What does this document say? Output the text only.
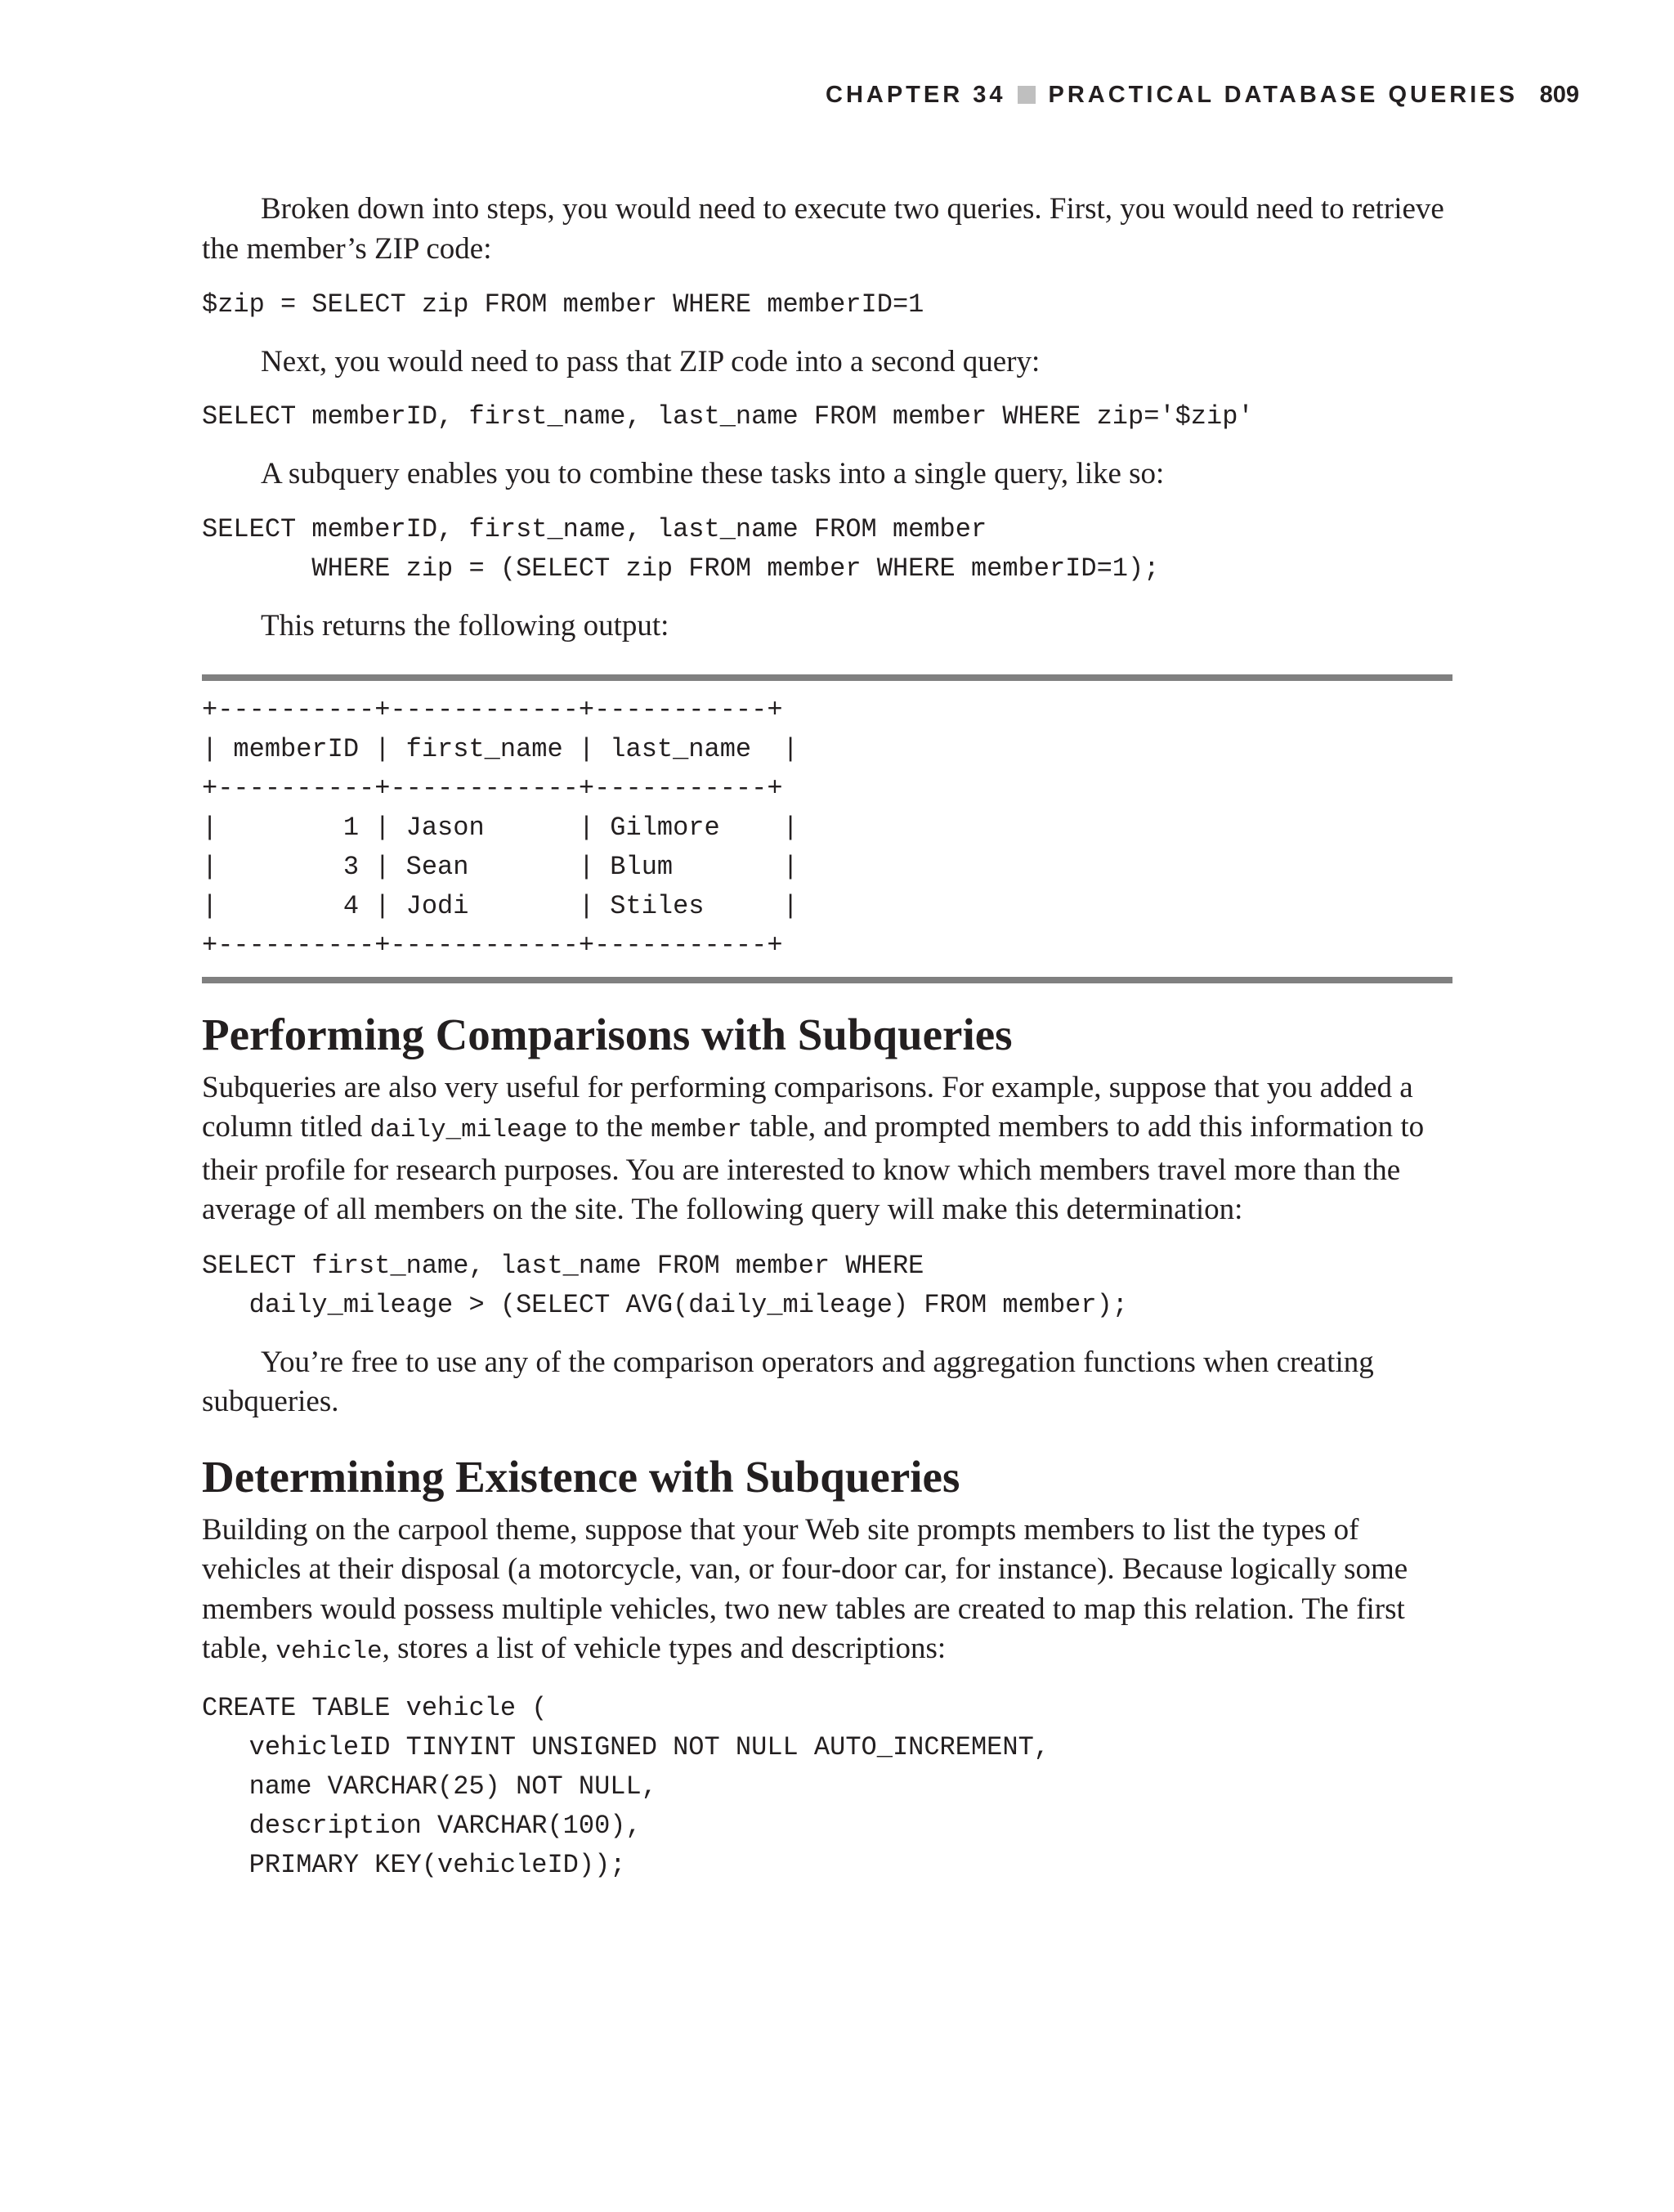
CHAPTER 34 PRACTICAL DATABASE QUERIES 809

Broken down into steps, you would need to execute two queries. First, you would need to retrieve the member’s ZIP code:

$zip = SELECT zip FROM member WHERE memberID=1

Next, you would need to pass that ZIP code into a second query:

SELECT memberID, first_name, last_name FROM member WHERE zip='$zip'

A subquery enables you to combine these tasks into a single query, like so:

SELECT memberID, first_name, last_name FROM member
WHERE zip = (SELECT zip FROM member WHERE memberID=1);

This returns the following output:

+----------+------------+-----------+
| memberID | first_name | last_name  |
+----------+------------+-----------+
|        1 | Jason      | Gilmore    |
|        3 | Sean       | Blum       |
|        4 | Jodi       | Stiles     |
+----------+------------+-----------+
Performing Comparisons with Subqueries

Subqueries are also very useful for performing comparisons. For example, suppose that you added a column titled daily_mileage to the member table, and prompted members to add this information to their profile for research purposes. You are interested to know which members travel more than the average of all members on the site. The following query will make this determination:

SELECT first_name, last_name FROM member WHERE
daily_mileage > (SELECT AVG(daily_mileage) FROM member);

You’re free to use any of the comparison operators and aggregation functions when creating subqueries.

Determining Existence with Subqueries

Building on the carpool theme, suppose that your Web site prompts members to list the types of vehicles at their disposal (a motorcycle, van, or four-door car, for instance). Because logically some members would possess multiple vehicles, two new tables are created to map this relation. The first table, vehicle, stores a list of vehicle types and descriptions:

CREATE TABLE vehicle (
vehicleID TINYINT UNSIGNED NOT NULL AUTO_INCREMENT,
name VARCHAR(25) NOT NULL,
description VARCHAR(100),
PRIMARY KEY(vehicleID));
